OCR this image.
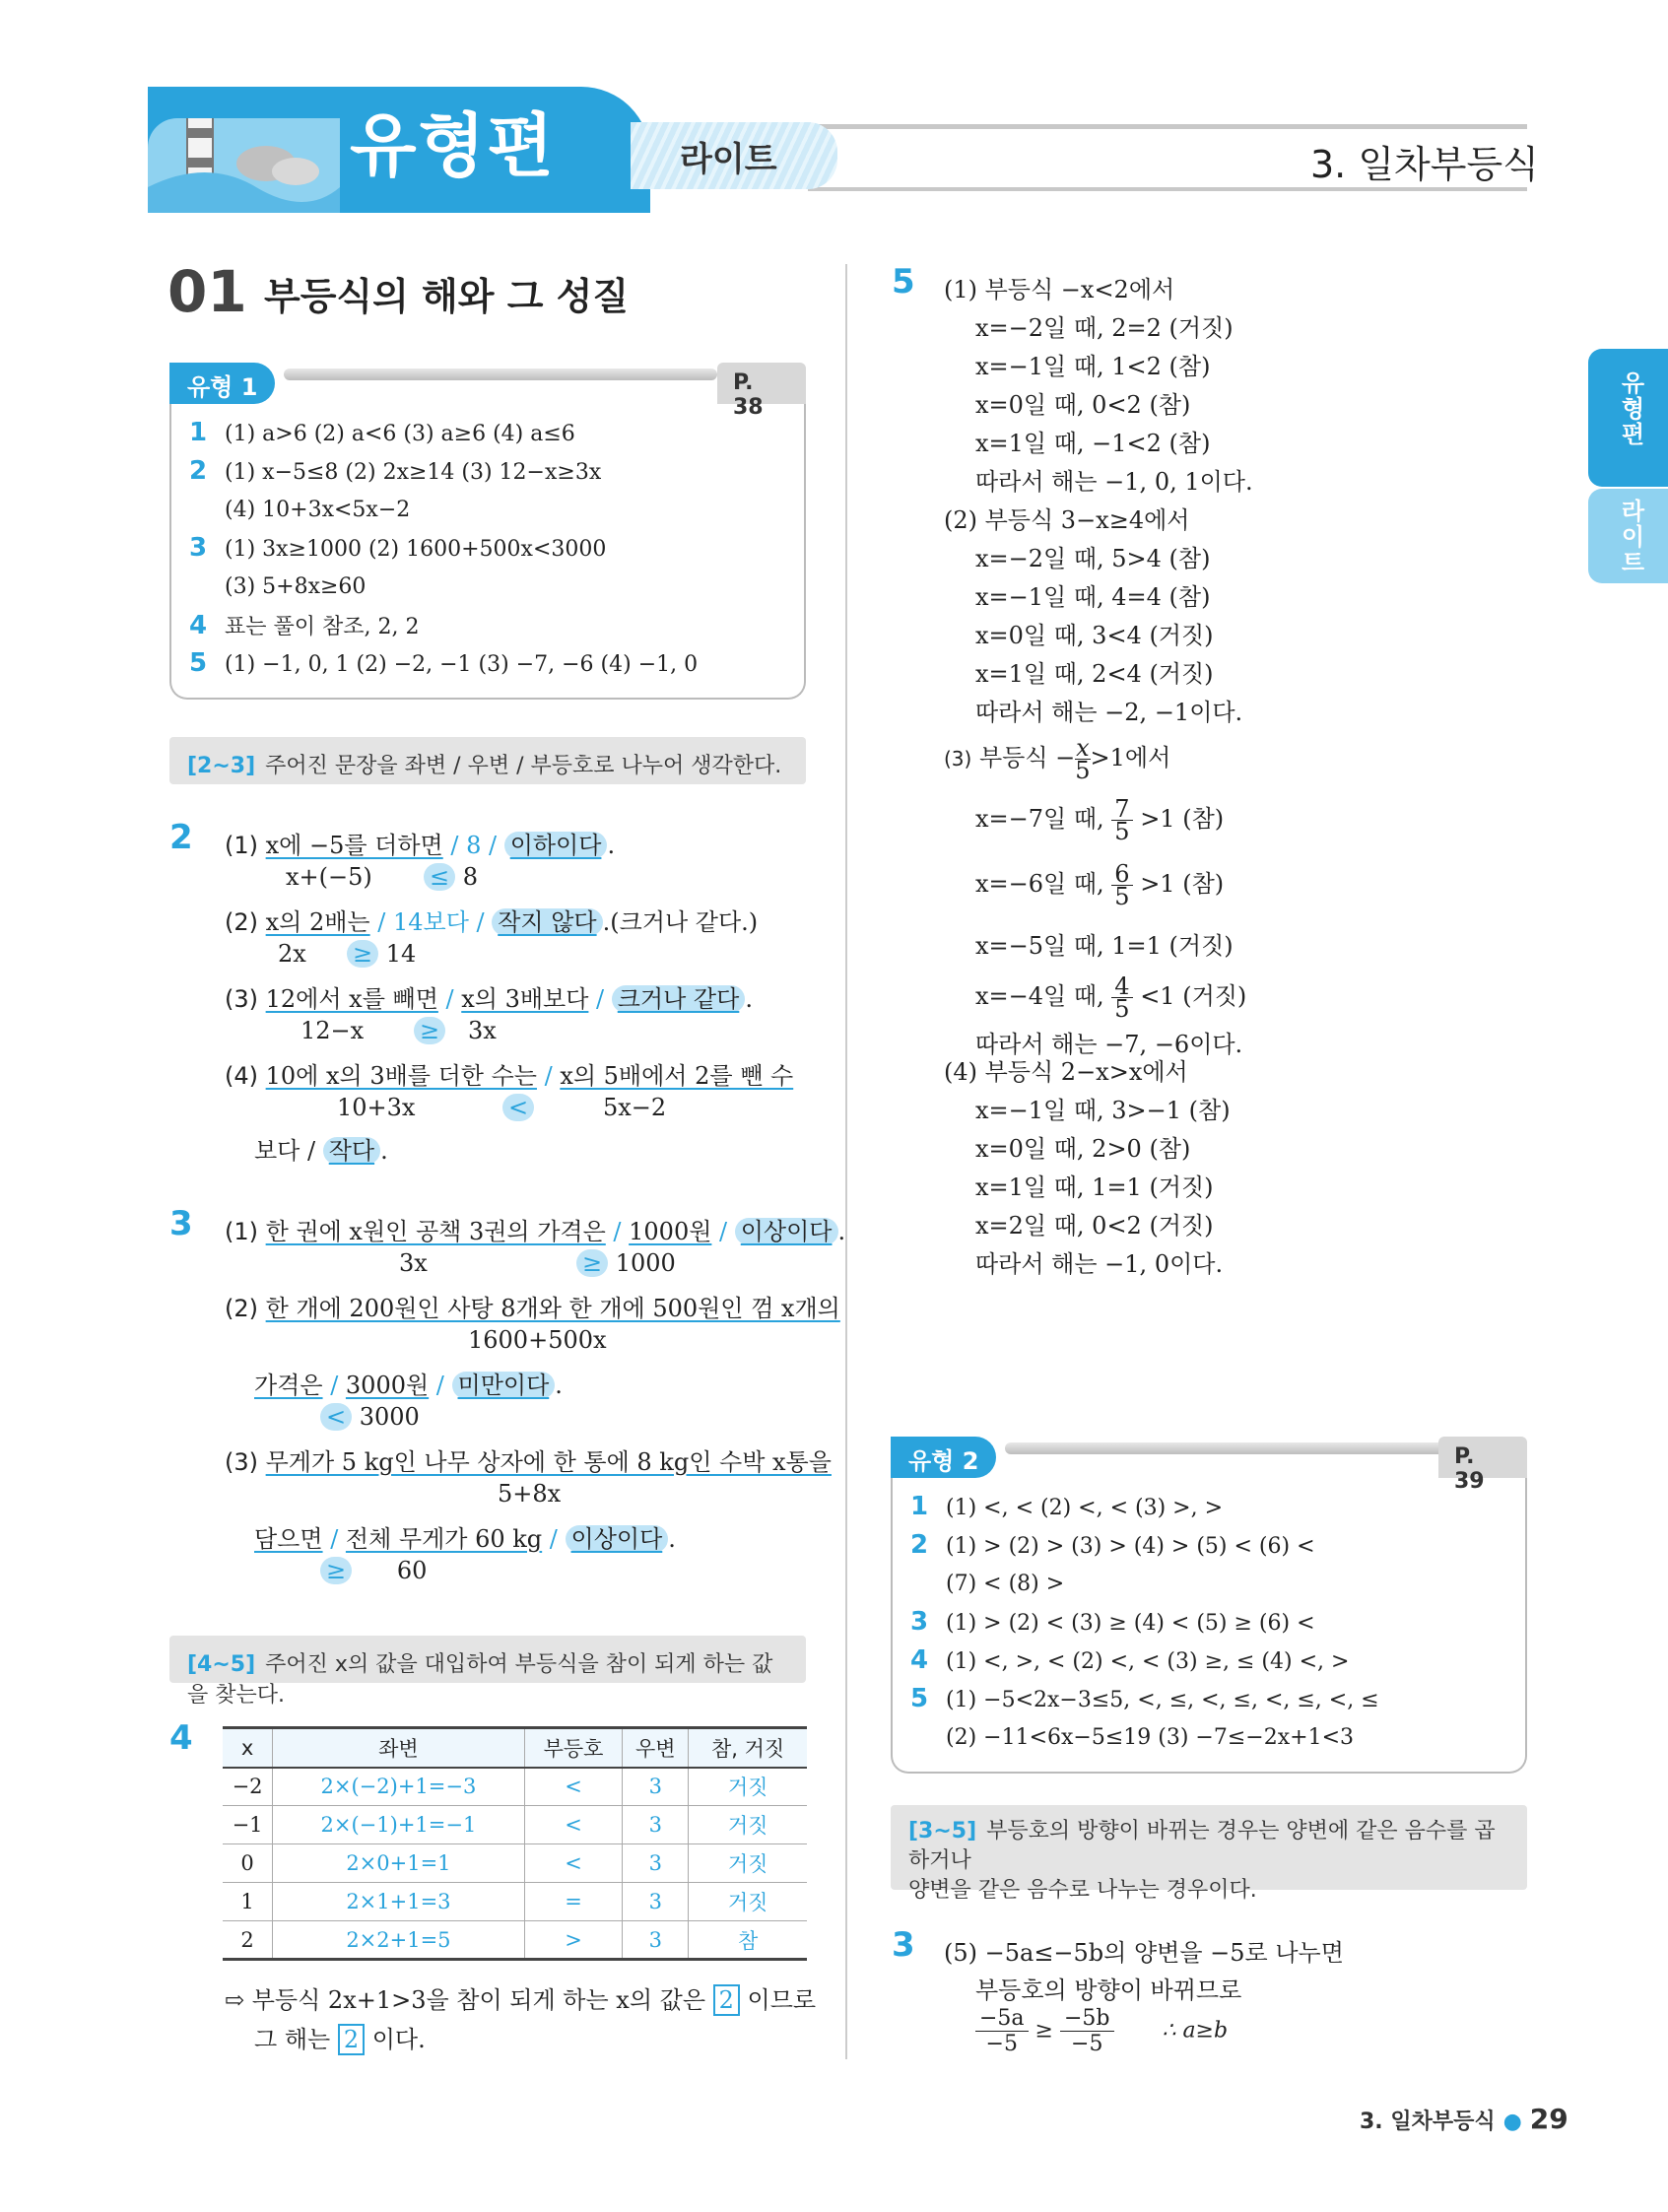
유형편	라이트	3. 일차부등식
유형편
라이트
01 부등식의 해와 그 성질
유형 1	P. 38
1 (1) a>6 (2) a<6 (3) a≥6 (4) a≤6
2 (1) x−5≤8 (2) 2x≥14 (3) 12−x≥3x
(4) 10+3x<5x−2
3 (1) 3x≥1000 (2) 1600+500x<3000
(3) 5+8x≥60
4 표는 풀이 참조, 2, 2
5 (1) −1, 0, 1 (2) −2, −1 (3) −7, −6 (4) −1, 0
[2~3] 주어진 문장을 좌변 / 우변 / 부등호로 나누어 생각한다.
2 (1) x에 −5를 더하면 / 8 / 이하이다 .
x+(−5) ≤ 8
(2) x의 2배는 / 14보다 / 작지 않다 .(크거나 같다.)
2x ≥ 14
(3) 12에서 x를 빼면 / x의 3배보다 / 크거나 같다 .
12−x ≥ 3x
(4) 10에 x의 3배를 더한 수는 / x의 5배에서 2를 뺀 수
10+3x	<	5x−2
보다 / 작다 .
3 (1) 한 권에 x원인 공책 3권의 가격은 / 1000원 / 이상이다 .
3x	≥ 1000
(2) 한 개에 200원인 사탕 8개와 한 개에 500원인 껌 x개의
1600+500x
가격은 / 3000원 / 미만이다 .
< 3000
(3) 무게가 5 kg인 나무 상자에 한 통에 8 kg인 수박 x통을
5+8x
담으면 / 전체 무게가 60 kg / 이상이다 .
≥ 60
[4~5] 주어진 x의 값을 대입하여 부등식을 참이 되게 하는 값을 찾는다.
4 x	좌변	부등호	우변	참, 거짓
−2	2×(−2)+1=−3	<	3	거짓
−1	2×(−1)+1=−1	<	3	거짓
0	2×0+1=1	<	3	거짓
1	2×1+1=3	=	3	거짓
2	2×2+1=5	>	3	참
⇨ 부등식 2x+1>3을 참이 되게 하는 x의 값은 2 이므로
그 해는 2 이다.
5 (1) 부등식 −x<2에서
x=−2일 때, 2=2 (거짓)
x=−1일 때, 1<2 (참)
x=0일 때, 0<2 (참)
x=1일 때, −1<2 (참)
따라서 해는 −1, 0, 1이다.
(2) 부등식 3−x≥4에서
x=−2일 때, 5>4 (참)
x=−1일 때, 4=4 (참)
x=0일 때, 3<4 (거짓)
x=1일 때, 2<4 (거짓)
따라서 해는 −2, −1이다.
(3) 부등식 − $\frac{x}{5} >1$에서
x=−7일 때, $\frac{7}{5} >1$ (참)
x=−6일 때, $\frac{6}{5} >1$ (참)
x=−5일 때, 1=1 (거짓)
x=−4일 때, $\frac{4}{5} <1$ (거짓)
따라서 해는 −7, −6이다.
(4) 부등식 2−x>x에서
x=−1일 때, 3>−1 (참)
x=0일 때, 2>0 (참)
x=1일 때, 1=1 (거짓)
x=2일 때, 0<2 (거짓)
따라서 해는 −1, 0이다.
유형 2	P. 39
1 (1) <, < (2) <, < (3) >, >
2 (1) > (2) > (3) > (4) > (5) < (6) <
(7) < (8) >
3 (1) > (2) < (3) ≥ (4) < (5) ≥ (6) <
4 (1) <, >, < (2) <, < (3) ≥, ≤ (4) <, >
5 (1) −5<2x−3≤5, <, ≤, <, ≤, <, ≤, <, ≤
(2) −11<6x−5≤19 (3) −7≤−2x+1<3
[3~5] 부등호의 방향이 바뀌는 경우는 양변에 같은 음수를 곱하거나
양변을 같은 음수로 나누는 경우이다.
3 (5) −5a≤−5b의 양변을 −5로 나누면
부등호의 방향이 바뀌므로
$\frac{-5a}{-5} \ge \frac{-5b}{-5}$ ∴ a≥b
3. 일차부등식 ● 29
